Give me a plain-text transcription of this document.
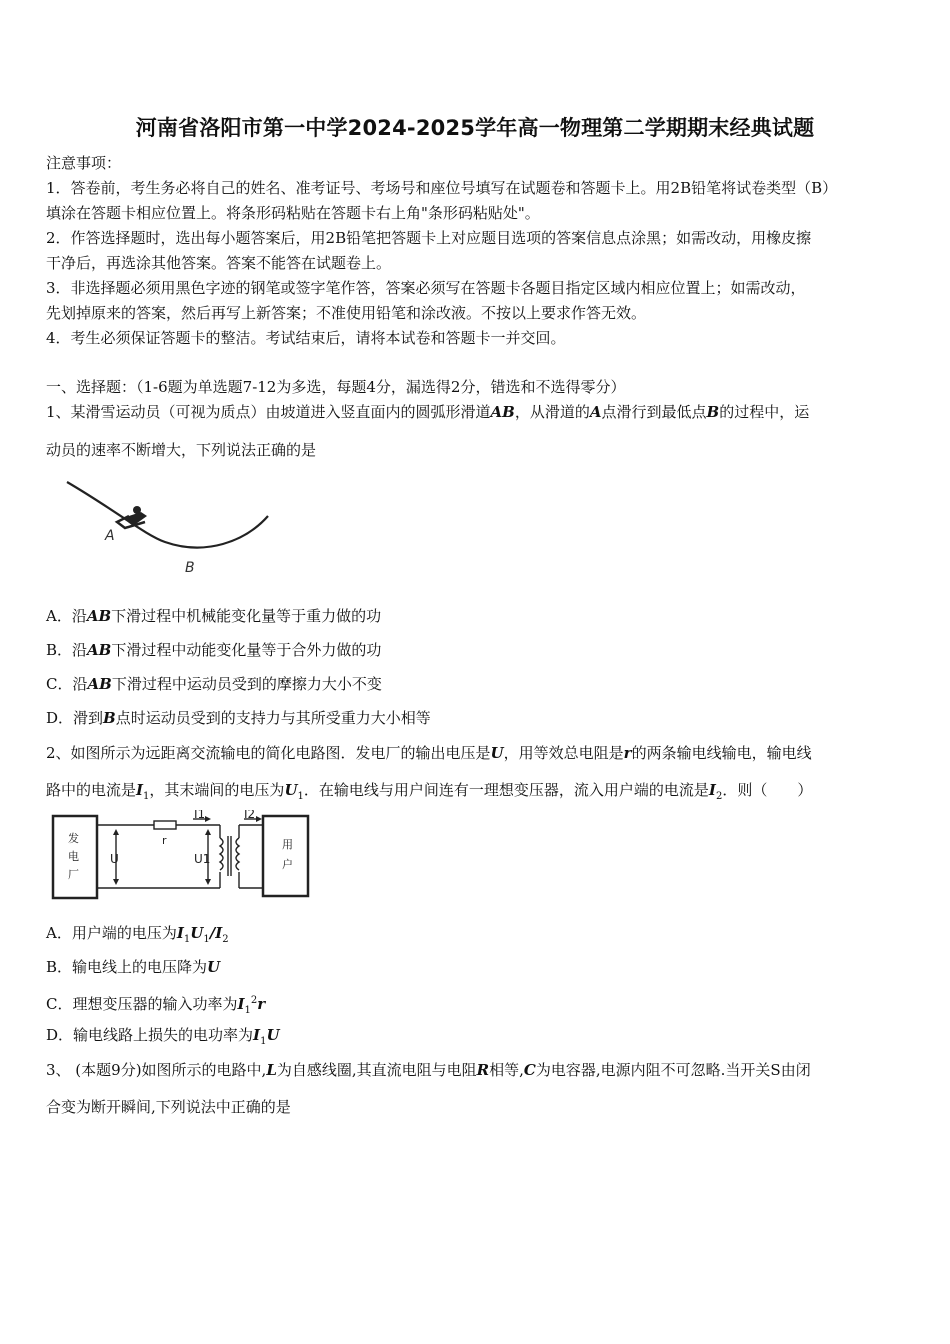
河南省洛阳市第一中学2024-2025学年高一物理第二学期期末经典试题
注意事项：
1．答卷前，考生务必将自己的姓名、准考证号、考场号和座位号填写在试题卷和答题卡上。用2B铅笔将试卷类型（B）
填涂在答题卡相应位置上。将条形码粘贴在答题卡右上角"条形码粘贴处"。
2．作答选择题时，选出每小题答案后，用2B铅笔把答题卡上对应题目选项的答案信息点涂黑；如需改动，用橡皮擦
干净后，再选涂其他答案。答案不能答在试题卷上。
3．非选择题必须用黑色字迹的钢笔或签字笔作答，答案必须写在答题卡各题目指定区域内相应位置上；如需改动，
先划掉原来的答案，然后再写上新答案；不准使用铅笔和涂改液。不按以上要求作答无效。
4．考生必须保证答题卡的整洁。考试结束后，请将本试卷和答题卡一并交回。
一、选择题：（1-6题为单选题7-12为多选，每题4分，漏选得2分，错选和不选得零分）
1、某滑雪运动员（可视为质点）由坡道进入竖直面内的圆弧形滑道AB，从滑道的A点滑行到最低点B的过程中，运
动员的速率不断增大，下列说法正确的是
A
B
A．沿AB下滑过程中机械能变化量等于重力做的功
B．沿AB下滑过程中动能变化量等于合外力做的功
C．沿AB下滑过程中运动员受到的摩擦力大小不变
D．滑到B点时运动员受到的支持力与其所受重力大小相等
2、如图所示为远距离交流输电的简化电路图．发电厂的输出电压是U，用等效总电阻是r的两条输电线输电，输电线
路中的电流是$I_1$，其末端间的电压为$U_1$．在输电线与用户间连有一理想变压器，流入用户端的电流是$I_2$．则（　　）
发
电
厂
用
户
r
I1	I2
U	U1
A．用户端的电压为$I_1U_1/I_2$
B．输电线上的电压降为U
C．理想变压器的输入功率为$I_1^2r$
D．输电线路上损失的电功率为$I_1U$
3、 (本题9分)如图所示的电路中,L为自感线圈,其直流电阻与电阻R相等,C为电容器,电源内阻不可忽略.当开关S由闭
合变为断开瞬间,下列说法中正确的是
